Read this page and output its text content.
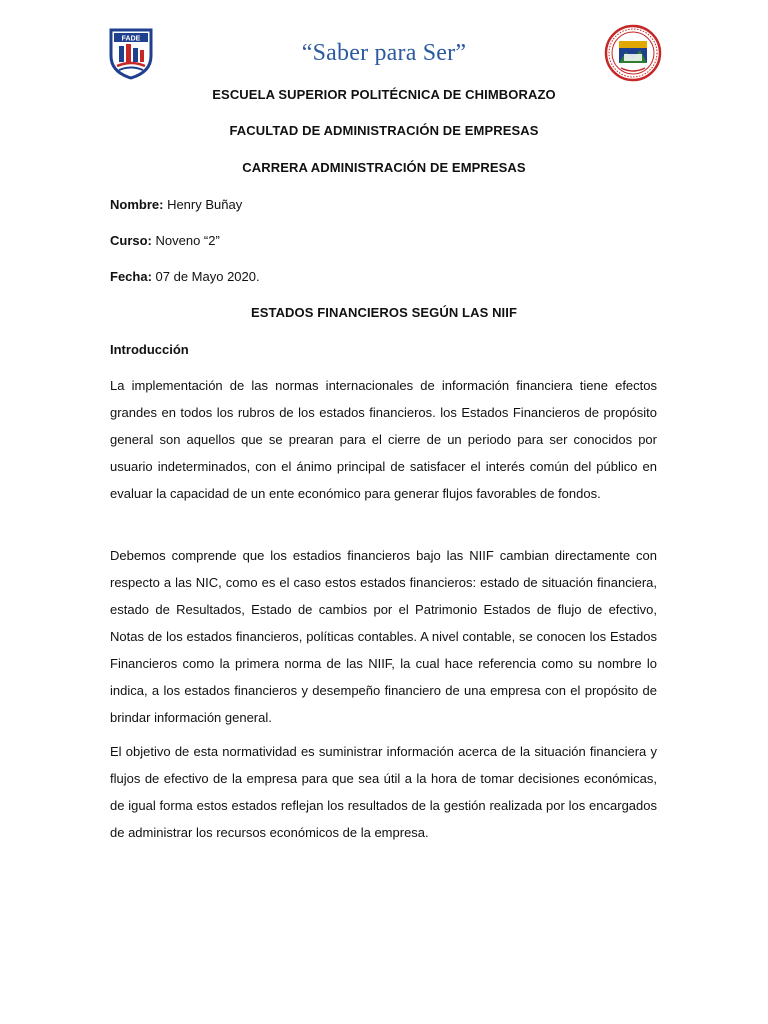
FADE
“Saber para Ser”
ESCUELA SUPERIOR POLITÉCNICA DE CHIMBORAZO
FACULTAD DE ADMINISTRACIÓN DE EMPRESAS
CARRERA ADMINISTRACIÓN DE EMPRESAS
Nombre: Henry Buñay
Curso: Noveno “2”
Fecha: 07 de Mayo 2020.
ESTADOS FINANCIEROS SEGÚN LAS NIIF
Introducción

La implementación de las normas internacionales de información financiera tiene efectos grandes en todos los rubros de los estados financieros. los Estados Financieros de propósito general son aquellos que se prearan para el cierre de un periodo para ser conocidos por usuario indeterminados, con el ánimo principal de satisfacer el interés común del público en evaluar la capacidad de un ente económico para generar flujos favorables de fondos.

Debemos comprende que los estadios financieros bajo las NIIF cambian directamente con respecto a las NIC, como es el caso estos estados financieros: estado de situación financiera, estado de Resultados, Estado de cambios por el Patrimonio Estados de flujo de efectivo, Notas de los estados financieros, políticas contables. A nivel contable, se conocen los Estados Financieros como la primera norma de las NIIF, la cual hace referencia como su nombre lo indica, a los estados financieros y desempeño financiero de una empresa con el propósito de brindar información general.

El objetivo de esta normatividad es suministrar información acerca de la situación financiera y flujos de efectivo de la empresa para que sea útil a la hora de tomar decisiones económicas, de igual forma estos estados reflejan los resultados de la gestión realizada por los encargados de administrar los recursos económicos de la empresa.
